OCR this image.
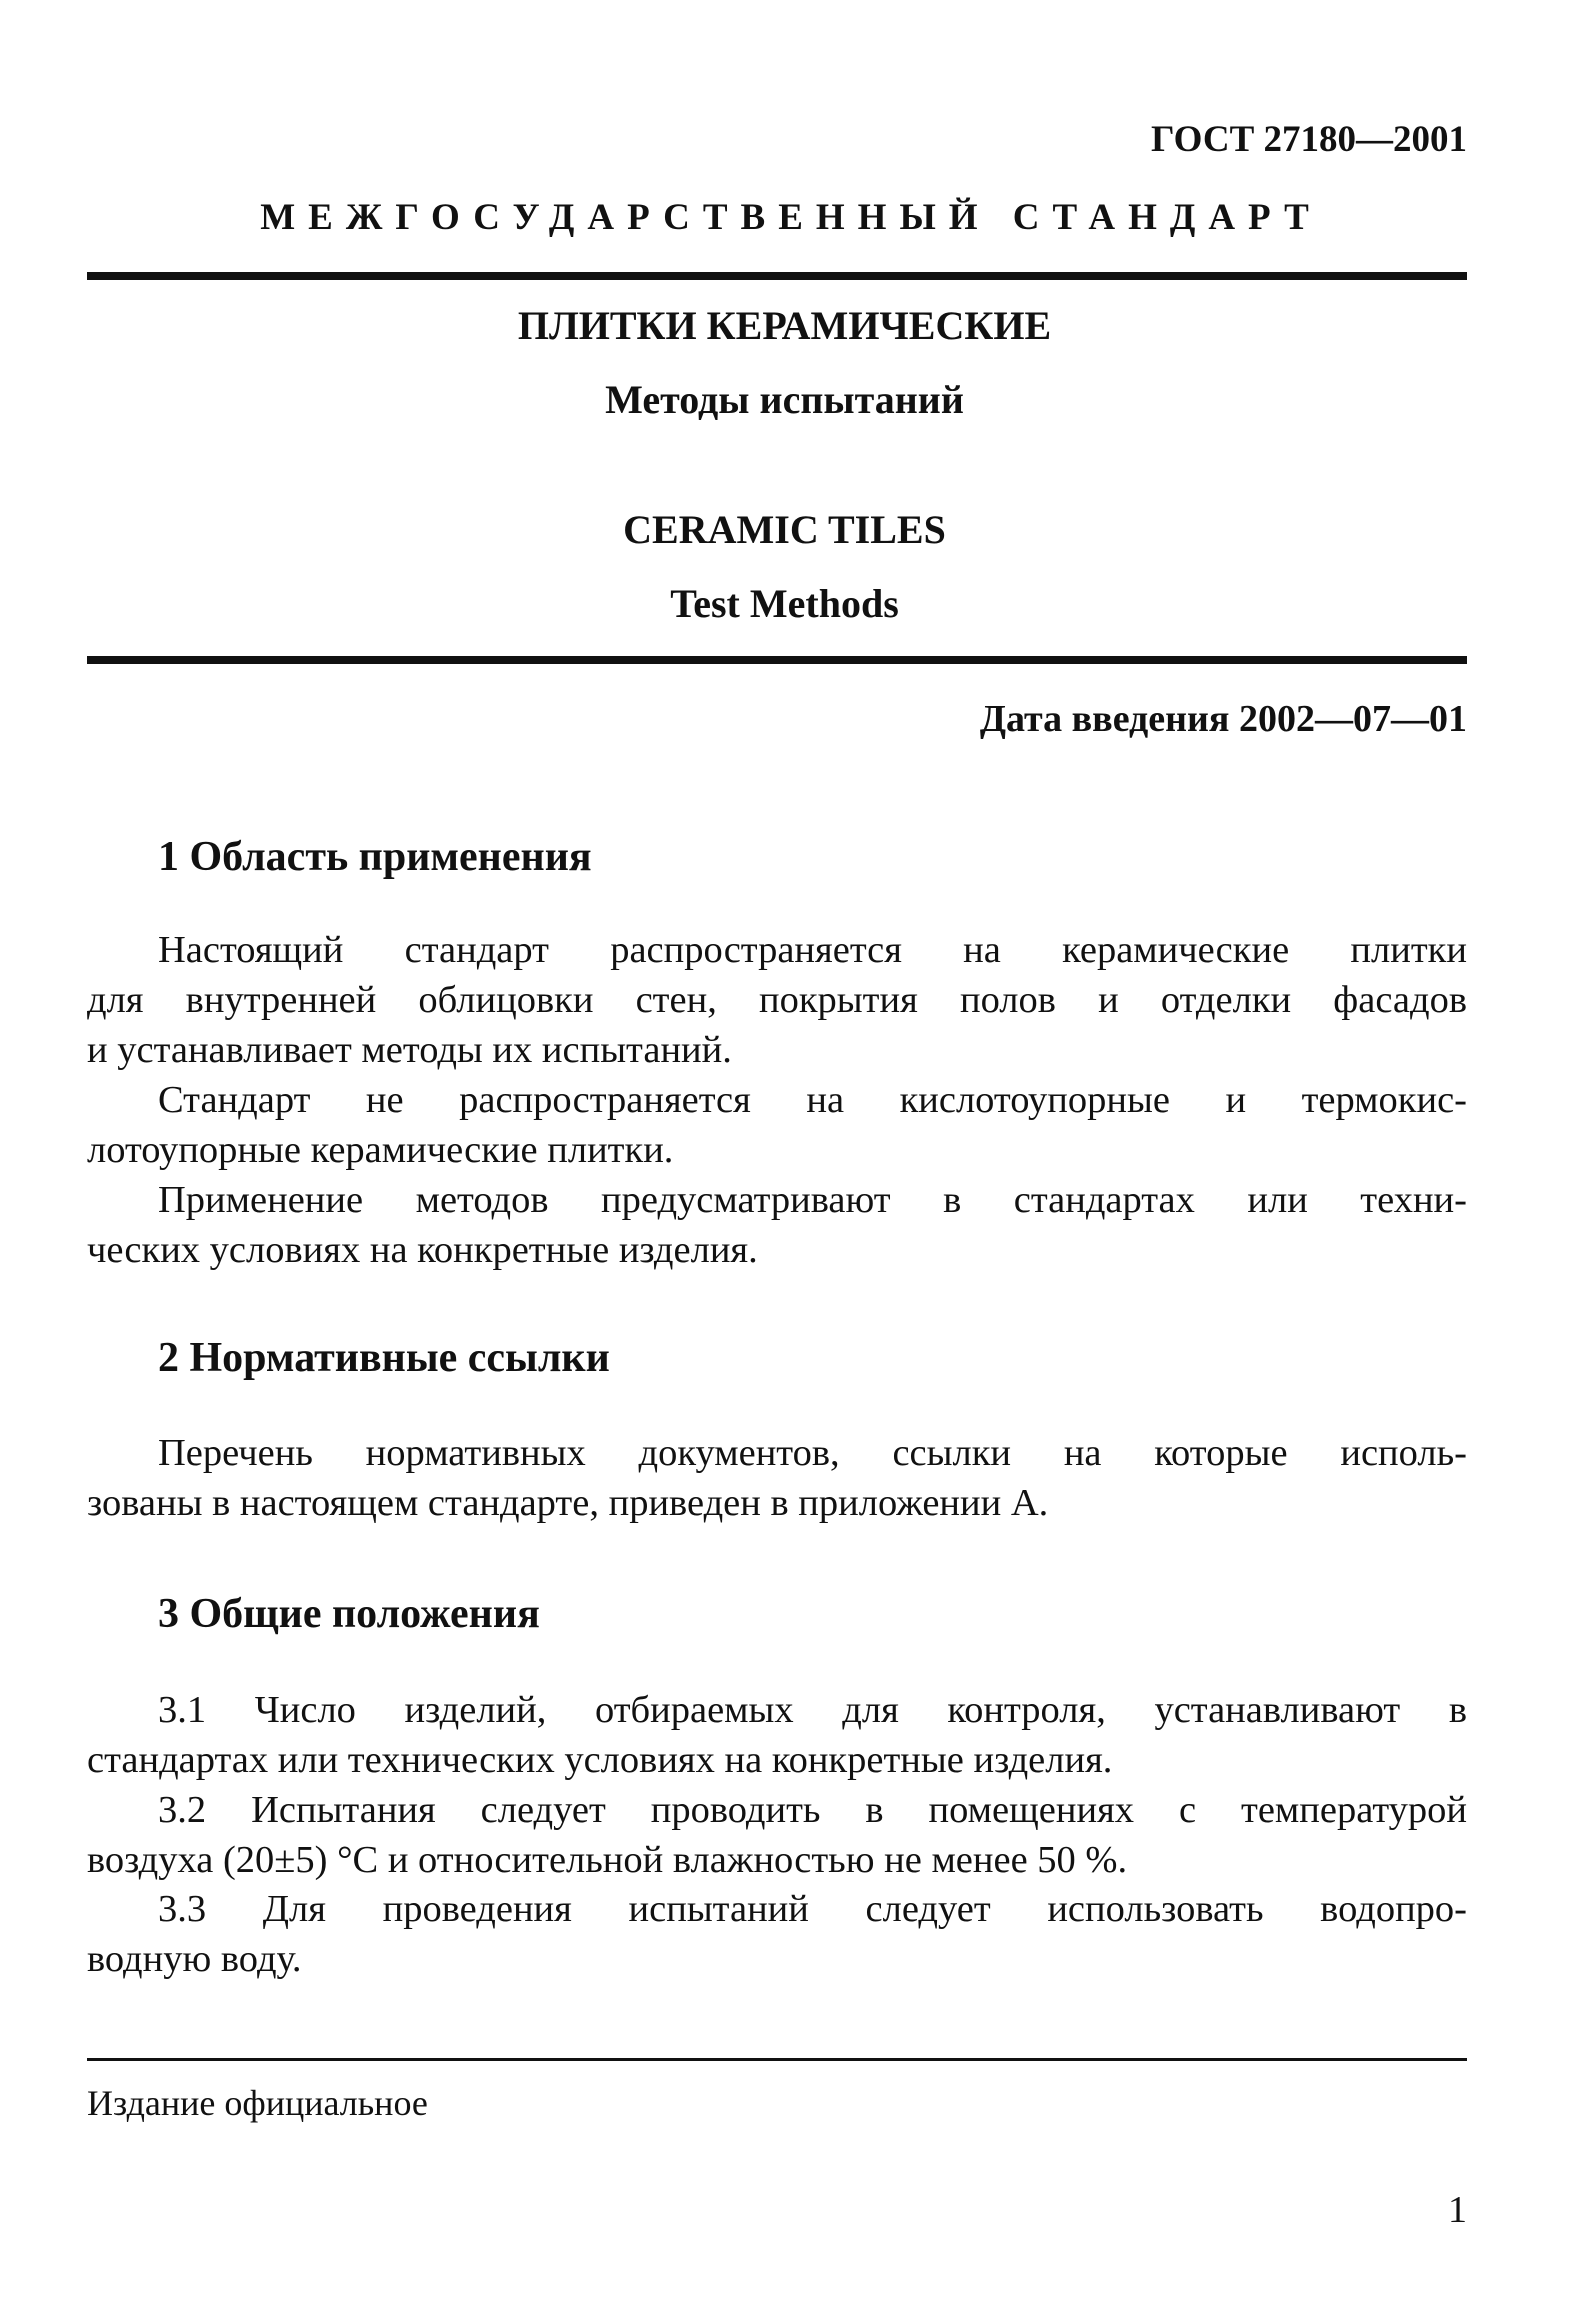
ГОСТ 27180—2001
МЕЖГОСУДАРСТВЕННЫЙ СТАНДАРТ
ПЛИТКИ КЕРАМИЧЕСКИЕ
Методы испытаний
CERAMIC TILES
Test Methods
Дата введения 2002—07—01
1 Область применения
Настоящий стандарт распространяется на керамические плитки
для внутренней облицовки стен, покрытия полов и отделки фасадов
и устанавливает методы их испытаний.
Стандарт не распространяется на кислотоупорные и термокис-
лотоупорные керамические плитки.
Применение методов предусматривают в стандартах или техни-
ческих условиях на конкретные изделия.
2 Нормативные ссылки
Перечень нормативных документов, ссылки на которые исполь-
зованы в настоящем стандарте, приведен в приложении А.
3 Общие положения
3.1 Число изделий, отбираемых для контроля, устанавливают в
стандартах или технических условиях на конкретные изделия.
3.2 Испытания следует проводить в помещениях с температурой
воздуха (20±5) °С и относительной влажностью не менее 50 %.
3.3 Для проведения испытаний следует использовать водопро-
водную воду.
Издание официальное
1
